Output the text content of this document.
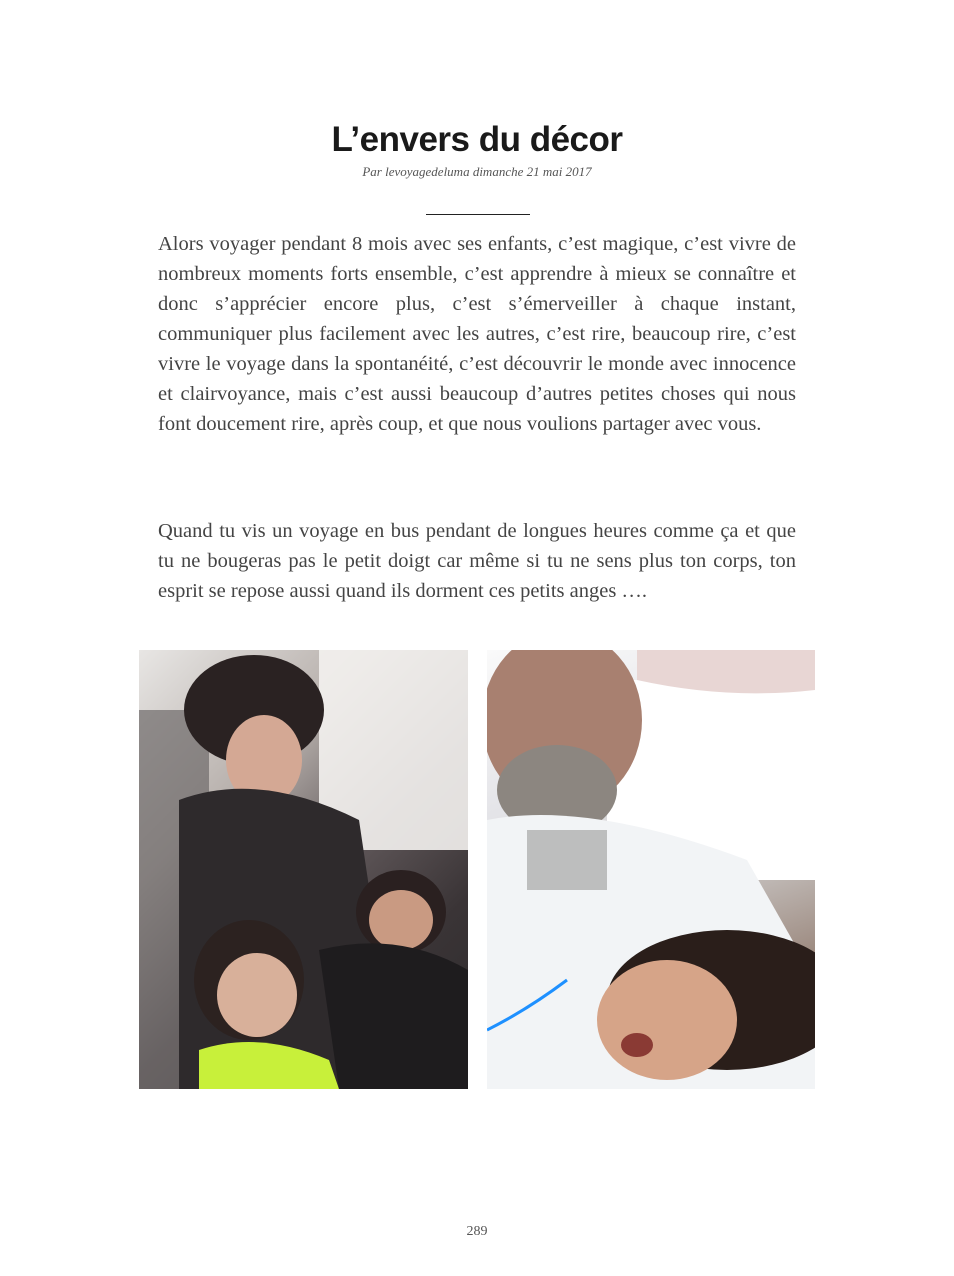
L’envers du décor
Par levoyagedeluma dimanche 21 mai 2017

Alors voyager pendant 8 mois avec ses enfants, c’est magique, c’est vivre de nombreux moments forts ensemble, c’est apprendre à mieux se connaître et donc s’apprécier encore plus, c’est s’émerveiller à chaque instant, communiquer plus facilement avec les autres, c’est rire, beaucoup rire, c’est vivre le voyage dans la spontanéité, c’est découvrir le monde avec innocence et clairvoyance, mais c’est aussi beaucoup d’autres petites choses qui nous font doucement rire, après coup, et que nous voulions partager avec vous.

Quand tu vis un voyage en bus pendant de longues heures comme ça et que tu ne bougeras pas le petit doigt car même si tu ne sens plus ton corps, ton esprit se repose aussi quand ils dorment ces petits anges ….

289
